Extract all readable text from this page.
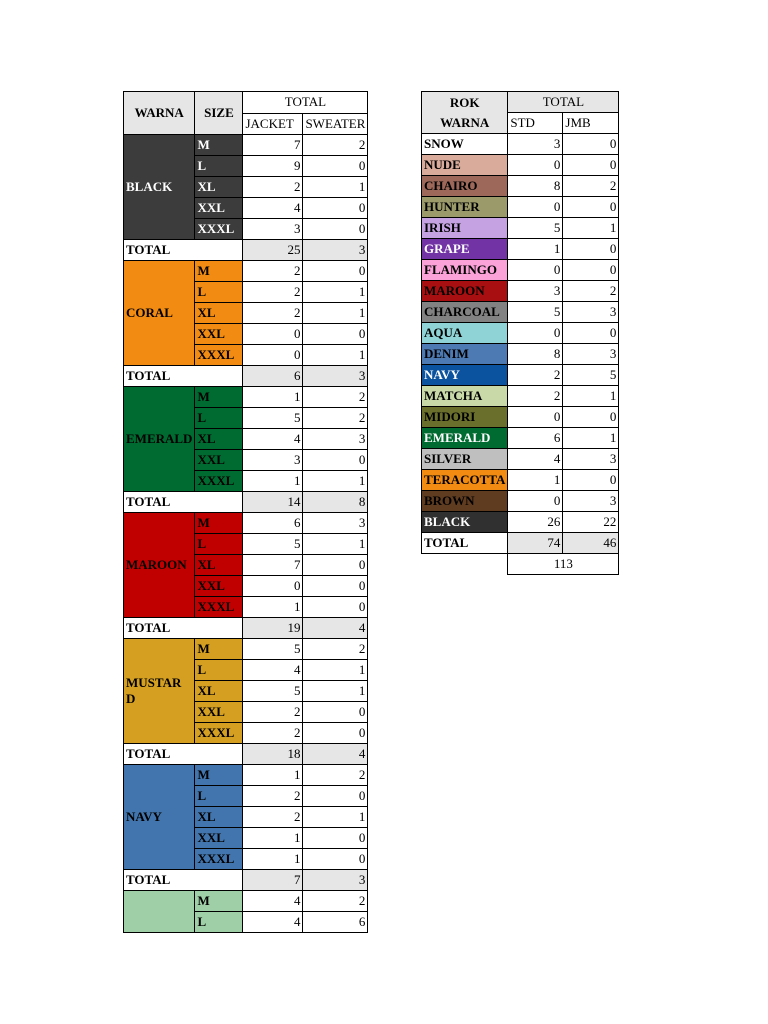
WARNA	SIZE	TOTAL	
		JACKET	SWEATER
BLACK	M	7	2
	L	9	0
	XL	2	1
	XXL	4	0
	XXXL	3	0
TOTAL		25	3
CORAL	M	2	0
	L	2	1
	XL	2	1
	XXL	0	0
	XXXL	0	1
TOTAL		6	3
EMERALD	M	1	2
	L	5	2
	XL	4	3
	XXL	3	0
	XXXL	1	1
TOTAL		14	8
MAROON	M	6	3
	L	5	1
	XL	7	0
	XXL	0	0
	XXXL	1	0
TOTAL		19	4
MUSTAR D	M	5	2
	L	4	1
	XL	5	1
	XXL	2	0
	XXXL	2	0
TOTAL		18	4
NAVY	M	1	2
	L	2	0
	XL	2	1
	XXL	1	0
	XXXL	1	0
TOTAL		7	3
	M	4	2
	L	4	6
ROK
WARNA	TOTAL	
	STD	JMB
SNOW	3	0
NUDE	0	0
CHAIRO	8	2
HUNTER	0	0
IRISH	5	1
GRAPE	1	0
FLAMINGO	0	0
MAROON	3	2
CHARCOAL	5	3
AQUA	0	0
DENIM	8	3
NAVY	2	5
MATCHA	2	1
MIDORI	0	0
EMERALD	6	1
SILVER	4	3
TERACOTTA	1	0
BROWN	0	3
BLACK	26	22
TOTAL	74	46
	113	
